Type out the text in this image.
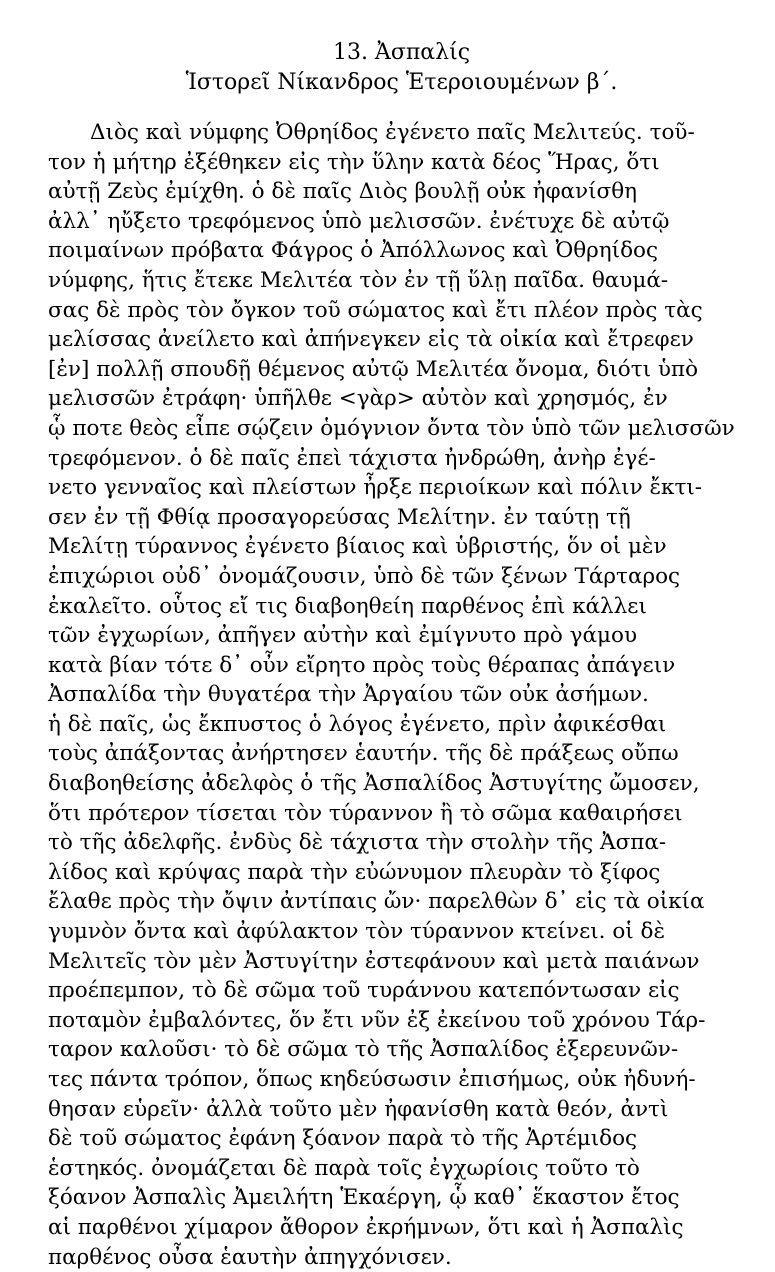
13. Ἀσπαλίς
Ἱστορεῖ Νίκανδρος Ἑτεροιουμένων β´.
Διὸς καὶ νύμφης Ὀθρηίδος ἐγένετο παῖς Μελιτεύς. τοῦ-
τον ἡ μήτηρ ἐξέθηκεν εἰς τὴν ὕλην κατὰ δέος Ἥρας, ὅτι
αὐτῇ Ζεὺς ἐμίχθη. ὁ δὲ παῖς Διὸς βουλῇ οὐκ ἠφανίσθη
ἀλλ᾽ ηὔξετο τρεφόμενος ὑπὸ μελισσῶν. ἐνέτυχε δὲ αὐτῷ
ποιμαίνων πρόβατα Φάγρος ὁ Ἀπόλλωνος καὶ Ὀθρηίδος
νύμφης, ἥτις ἔτεκε Μελιτέα τὸν ἐν τῇ ὕλῃ παῖδα. θαυμά-
σας δὲ πρὸς τὸν ὄγκον τοῦ σώματος καὶ ἔτι πλέον πρὸς τὰς
μελίσσας ἀνείλετο καὶ ἀπήνεγκεν εἰς τὰ οἰκία καὶ ἔτρεφεν
[ἐν] πολλῇ σπουδῇ θέμενος αὐτῷ Μελιτέα ὄνομα, διότι ὑπὸ
μελισσῶν ἐτράφη· ὑπῆλθε <γὰρ> αὐτὸν καὶ χρησμός, ἐν
ᾧ ποτε θεὸς εἶπε σῴζειν ὁμόγνιον ὄντα τὸν ὑπὸ τῶν μελισσῶν
τρεφόμενον. ὁ δὲ παῖς ἐπεὶ τάχιστα ἠνδρώθη, ἀνὴρ ἐγέ-
νετο γενναῖος καὶ πλείστων ἦρξε περιοίκων καὶ πόλιν ἔκτι-
σεν ἐν τῇ Φθίᾳ προσαγορεύσας Μελίτην. ἐν ταύτῃ τῇ
Μελίτῃ τύραννος ἐγένετο βίαιος καὶ ὑβριστής, ὅν οἱ μὲν
ἐπιχώριοι οὐδ᾽ ὀνομάζουσιν, ὑπὸ δὲ τῶν ξένων Τάρταρος
ἐκαλεῖτο. οὗτος εἴ τις διαβοηθείη παρθένος ἐπὶ κάλλει
τῶν ἐγχωρίων, ἀπῆγεν αὐτὴν καὶ ἐμίγνυτο πρὸ γάμου
κατὰ βίαν τότε δ᾽ οὖν εἴρητο πρὸς τοὺς θέραπας ἀπάγειν
Ἀσπαλίδα τὴν θυγατέρα τὴν Ἀργαίου τῶν οὐκ ἀσήμων.
ἡ δὲ παῖς, ὡς ἔκπυστος ὁ λόγος ἐγένετο, πρὶν ἀφικέσθαι
τοὺς ἀπάξοντας ἀνήρτησεν ἑαυτήν. τῆς δὲ πράξεως οὔπω
διαβοηθείσης ἀδελφὸς ὁ τῆς Ἀσπαλίδος Ἀστυγίτης ὤμοσεν,
ὅτι πρότερον τίσεται τὸν τύραννον ἢ τὸ σῶμα καθαιρήσει
τὸ τῆς ἀδελφῆς. ἐνδὺς δὲ τάχιστα τὴν στολὴν τῆς Ἀσπα-
λίδος καὶ κρύψας παρὰ τὴν εὐώνυμον πλευρὰν τὸ ξίφος
ἔλαθε πρὸς τὴν ὄψιν ἀντίπαις ὤν· παρελθὼν δ᾽ εἰς τὰ οἰκία
γυμνὸν ὄντα καὶ ἀφύλακτον τὸν τύραννον κτείνει. οἱ δὲ
Μελιτεῖς τὸν μὲν Ἀστυγίτην ἐστεφάνουν καὶ μετὰ παιάνων
προέπεμπον, τὸ δὲ σῶμα τοῦ τυράννου κατεπόντωσαν εἰς
ποταμὸν ἐμβαλόντες, ὅν ἔτι νῦν ἐξ ἐκείνου τοῦ χρόνου Τάρ-
ταρον καλοῦσι· τὸ δὲ σῶμα τὸ τῆς Ἀσπαλίδος ἐξερευνῶν-
τες πάντα τρόπον, ὅπως κηδεύσωσιν ἐπισήμως, οὐκ ἠδυνή-
θησαν εὑρεῖν· ἀλλὰ τοῦτο μὲν ἠφανίσθη κατὰ θεόν, ἀντὶ
δὲ τοῦ σώματος ἐφάνη ξόανον παρὰ τὸ τῆς Ἀρτέμιδος
ἑστηκός. ὀνομάζεται δὲ παρὰ τοῖς ἐγχωρίοις τοῦτο τὸ
ξόανον Ἀσπαλὶς Ἀμειλήτη Ἑκαέργη, ᾧ καθ᾽ ἕκαστον ἔτος
αἱ παρθένοι χίμαρον ἄθορον ἐκρήμνων, ὅτι καὶ ἡ Ἀσπαλὶς
παρθένος οὖσα ἑαυτὴν ἀπηγχόνισεν.
